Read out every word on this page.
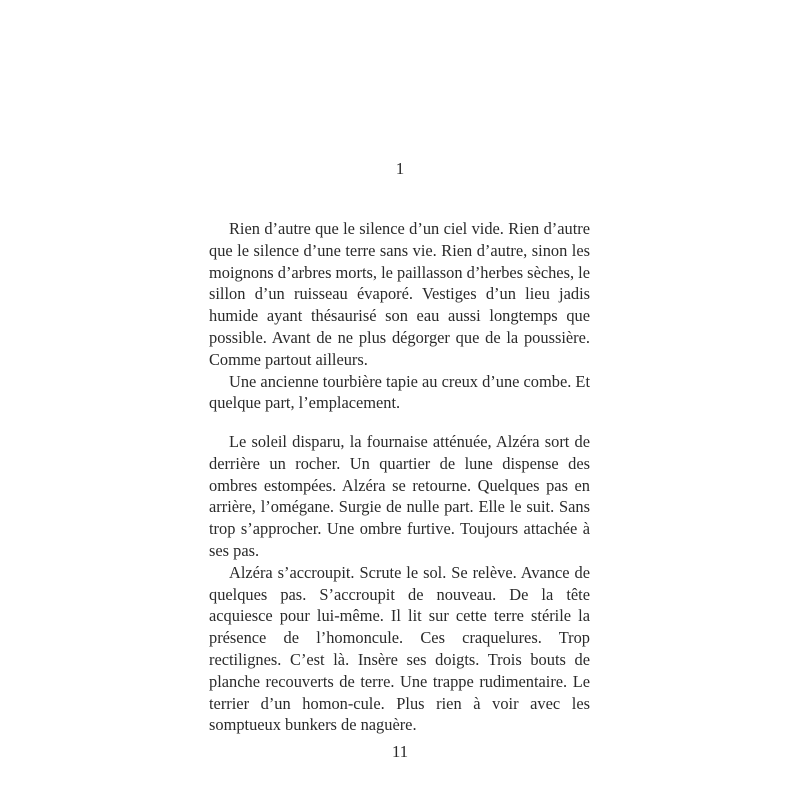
1

Rien d’autre que le silence d’un ciel vide. Rien d’autre que le silence d’une terre sans vie. Rien d’autre, sinon les moignons d’arbres morts, le paillasson d’herbes sèches, le sillon d’un ruisseau évaporé. Vestiges d’un lieu jadis humide ayant thésaurisé son eau aussi longtemps que possible. Avant de ne plus dégorger que de la poussière. Comme partout ailleurs.

Une ancienne tourbière tapie au creux d’une combe. Et quelque part, l’emplacement.

Le soleil disparu, la fournaise atténuée, Alzéra sort de derrière un rocher. Un quartier de lune dispense des ombres estompées. Alzéra se retourne. Quelques pas en arrière, l’omégane. Surgie de nulle part. Elle le suit. Sans trop s’approcher. Une ombre furtive. Toujours attachée à ses pas.

Alzéra s’accroupit. Scrute le sol. Se relève. Avance de quelques pas. S’accroupit de nouveau. De la tête acquiesce pour lui-même. Il lit sur cette terre stérile la présence de l’homoncule. Ces craquelures. Trop rectilignes. C’est là. Insère ses doigts. Trois bouts de planche recouverts de terre. Une trappe rudimentaire. Le terrier d’un homon-cule. Plus rien à voir avec les somptueux bunkers de naguère.

11
